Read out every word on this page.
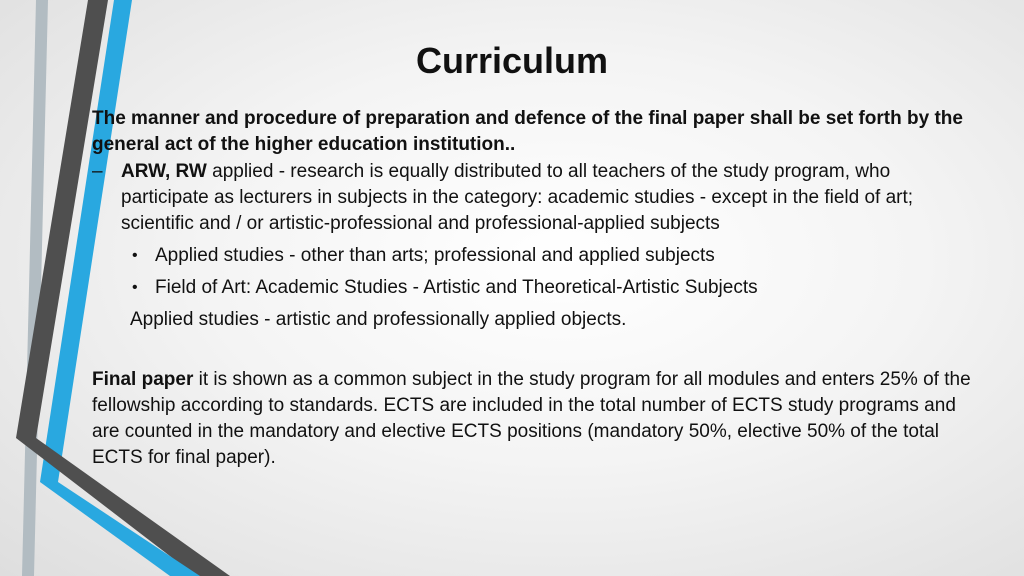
Curriculum
The manner and procedure of preparation and defence of the final paper shall be set forth by the general act of the higher education institution..
– ARW, RW applied - research is equally distributed to all teachers of the study program, who participate as lecturers in subjects in the category: academic studies - except in the field of art; scientific and / or artistic-professional and professional-applied subjects
• Applied studies - other than arts; professional and applied subjects
• Field of Art: Academic Studies - Artistic and Theoretical-Artistic Subjects
Applied studies - artistic and professionally applied objects.
Final paper it is shown as a common subject in the study program for all modules and enters 25% of the fellowship according to standards. ECTS are included in the total number of ECTS study programs and are counted in the mandatory and elective ECTS positions (mandatory 50%, elective 50% of the total ECTS for final paper).
